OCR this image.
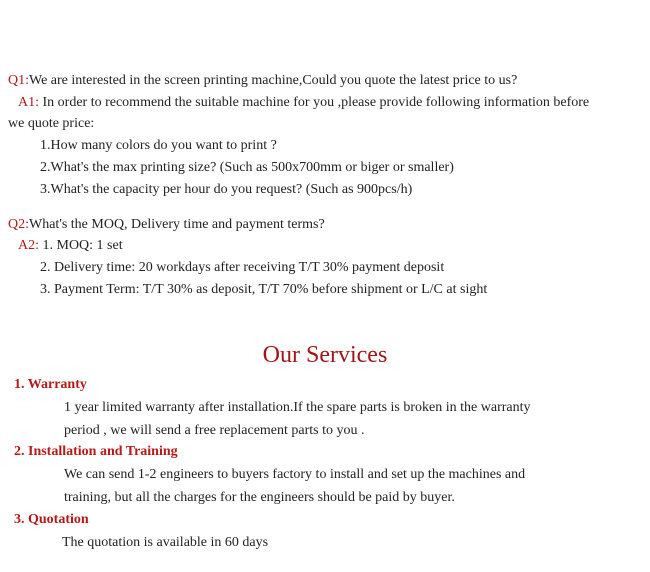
Q1:We are interested in the screen printing machine,Could you quote the latest price to us?
A1: In order to recommend the suitable machine for you ,please provide following information before
we quote price:
1.How many colors do you want to print ?
2.What's the max printing size? (Such as 500x700mm or biger or smaller)
3.What's the capacity per hour do you request? (Such as 900pcs/h)
Q2:What's the MOQ, Delivery time and payment terms?
A2: 1. MOQ: 1 set
2. Delivery time: 20 workdays after receiving T/T 30% payment deposit
3. Payment Term: T/T 30% as deposit, T/T 70% before shipment or L/C at sight
Our Services
1. Warranty
1 year limited warranty after installation.If the spare parts is broken in the warranty
period , we will send a free replacement parts to you .
2. Installation and Training
We can send 1-2 engineers to buyers factory to install and set up the machines and
training, but all the charges for the engineers should be paid by buyer.
3. Quotation
The quotation is available in 60 days
